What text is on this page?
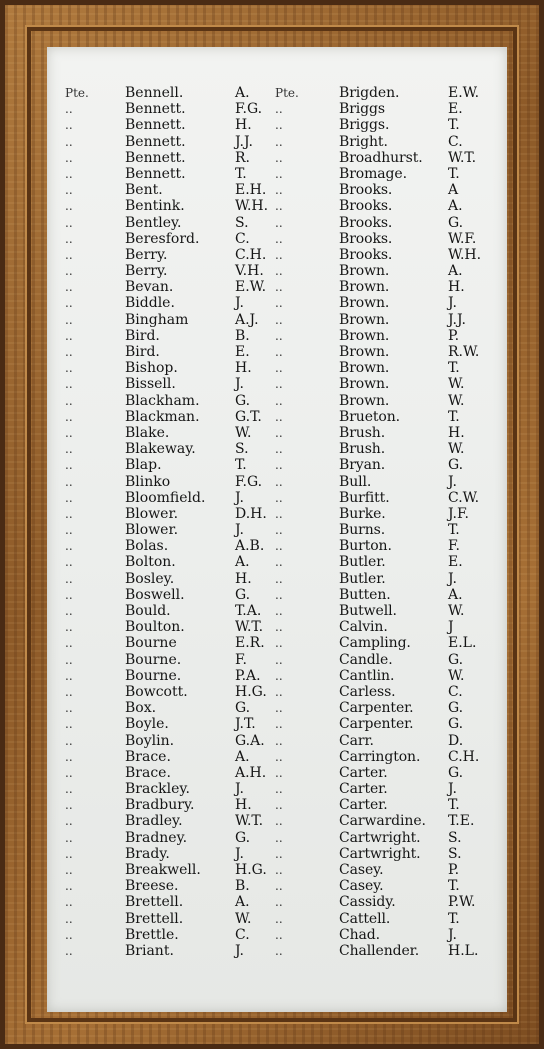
Pte.	Bennell.	A.
..	Bennett.	F.G.
..	Bennett.	H.
..	Bennett.	J.J.
..	Bennett.	R.
..	Bennett.	T.
..	Bent.	E.H.
..	Bentink.	W.H.
..	Bentley.	S.
..	Beresford.	C.
..	Berry.	C.H.
..	Berry.	V.H.
..	Bevan.	E.W.
..	Biddle.	J.
..	Bingham	A.J.
..	Bird.	B.
..	Bird.	E.
..	Bishop.	H.
..	Bissell.	J.
..	Blackham.	G.
..	Blackman.	G.T.
..	Blake.	W.
..	Blakeway.	S.
..	Blap.	T.
..	Blinko	F.G.
..	Bloomfield.	J.
..	Blower.	D.H.
..	Blower.	J.
..	Bolas.	A.B.
..	Bolton.	A.
..	Bosley.	H.
..	Boswell.	G.
..	Bould.	T.A.
..	Boulton.	W.T.
..	Bourne	E.R.
..	Bourne.	F.
..	Bourne.	P.A.
..	Bowcott.	H.G.
..	Box.	G.
..	Boyle.	J.T.
..	Boylin.	G.A.
..	Brace.	A.
..	Brace.	A.H.
..	Brackley.	J.
..	Bradbury.	H.
..	Bradley.	W.T.
..	Bradney.	G.
..	Brady.	J.
..	Breakwell.	H.G.
..	Breese.	B.
..	Brettell.	A.
..	Brettell.	W.
..	Brettle.	C.
..	Briant.	J.
Pte.	Brigden.	E.W.
..	Briggs	E.
..	Briggs.	T.
..	Bright.	C.
..	Broadhurst.	W.T.
..	Bromage.	T.
..	Brooks.	A
..	Brooks.	A.
..	Brooks.	G.
..	Brooks.	W.F.
..	Brooks.	W.H.
..	Brown.	A.
..	Brown.	H.
..	Brown.	J.
..	Brown.	J.J.
..	Brown.	P.
..	Brown.	R.W.
..	Brown.	T.
..	Brown.	W.
..	Brown.	W.
..	Brueton.	T.
..	Brush.	H.
..	Brush.	W.
..	Bryan.	G.
..	Bull.	J.
..	Burfitt.	C.W.
..	Burke.	J.F.
..	Burns.	T.
..	Burton.	F.
..	Butler.	E.
..	Butler.	J.
..	Butten.	A.
..	Butwell.	W.
..	Calvin.	J
..	Campling.	E.L.
..	Candle.	G.
..	Cantlin.	W.
..	Carless.	C.
..	Carpenter.	G.
..	Carpenter.	G.
..	Carr.	D.
..	Carrington.	C.H.
..	Carter.	G.
..	Carter.	J.
..	Carter.	T.
..	Carwardine.	T.E.
..	Cartwright.	S.
..	Cartwright.	S.
..	Casey.	P.
..	Casey.	T.
..	Cassidy.	P.W.
..	Cattell.	T.
..	Chad.	J.
..	Challender.	H.L.
